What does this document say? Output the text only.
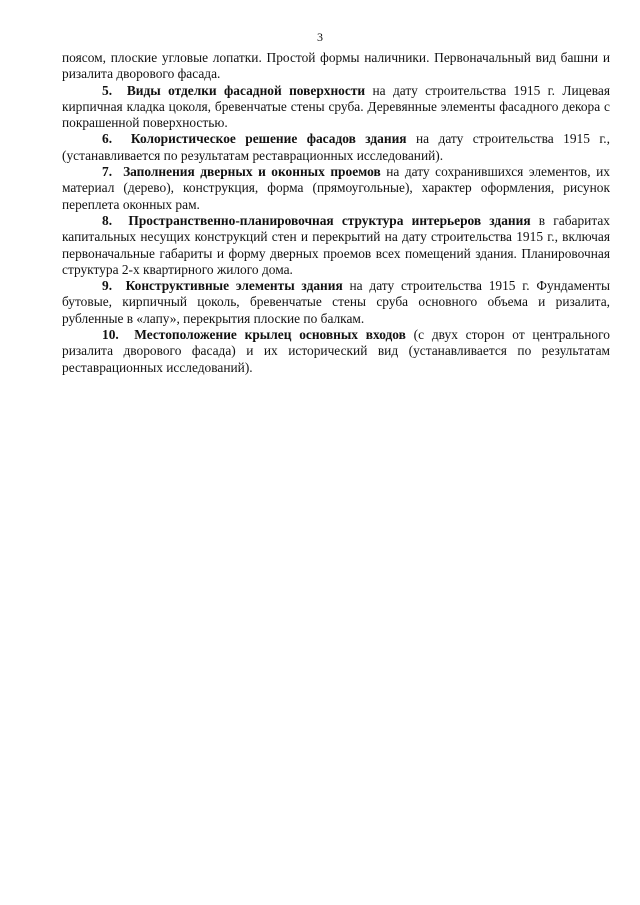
3

поясом, плоские угловые лопатки. Простой формы наличники. Первоначальный вид башни и ризалита дворового фасада.

5. Виды отделки фасадной поверхности на дату строительства 1915 г. Лицевая кирпичная кладка цоколя, бревенчатые стены сруба. Деревянные элементы фасадного декора с покрашенной поверхностью.

6. Колористическое решение фасадов здания на дату строительства 1915 г., (устанавливается по результатам реставрационных исследований).

7. Заполнения дверных и оконных проемов на дату сохранившихся элементов, их материал (дерево), конструкция, форма (прямоугольные), характер оформления, рисунок переплета оконных рам.

8. Пространственно-планировочная структура интерьеров здания в габаритах капитальных несущих конструкций стен и перекрытий на дату строительства 1915 г., включая первоначальные габариты и форму дверных проемов всех помещений здания. Планировочная структура 2-х квартирного жилого дома.

9. Конструктивные элементы здания на дату строительства 1915 г. Фундаменты бутовые, кирпичный цоколь, бревенчатые стены сруба основного объема и ризалита, рубленные в «лапу», перекрытия плоские по балкам.

10. Местоположение крылец основных входов (с двух сторон от центрального ризалита дворового фасада) и их исторический вид (устанавливается по результатам реставрационных исследований).
